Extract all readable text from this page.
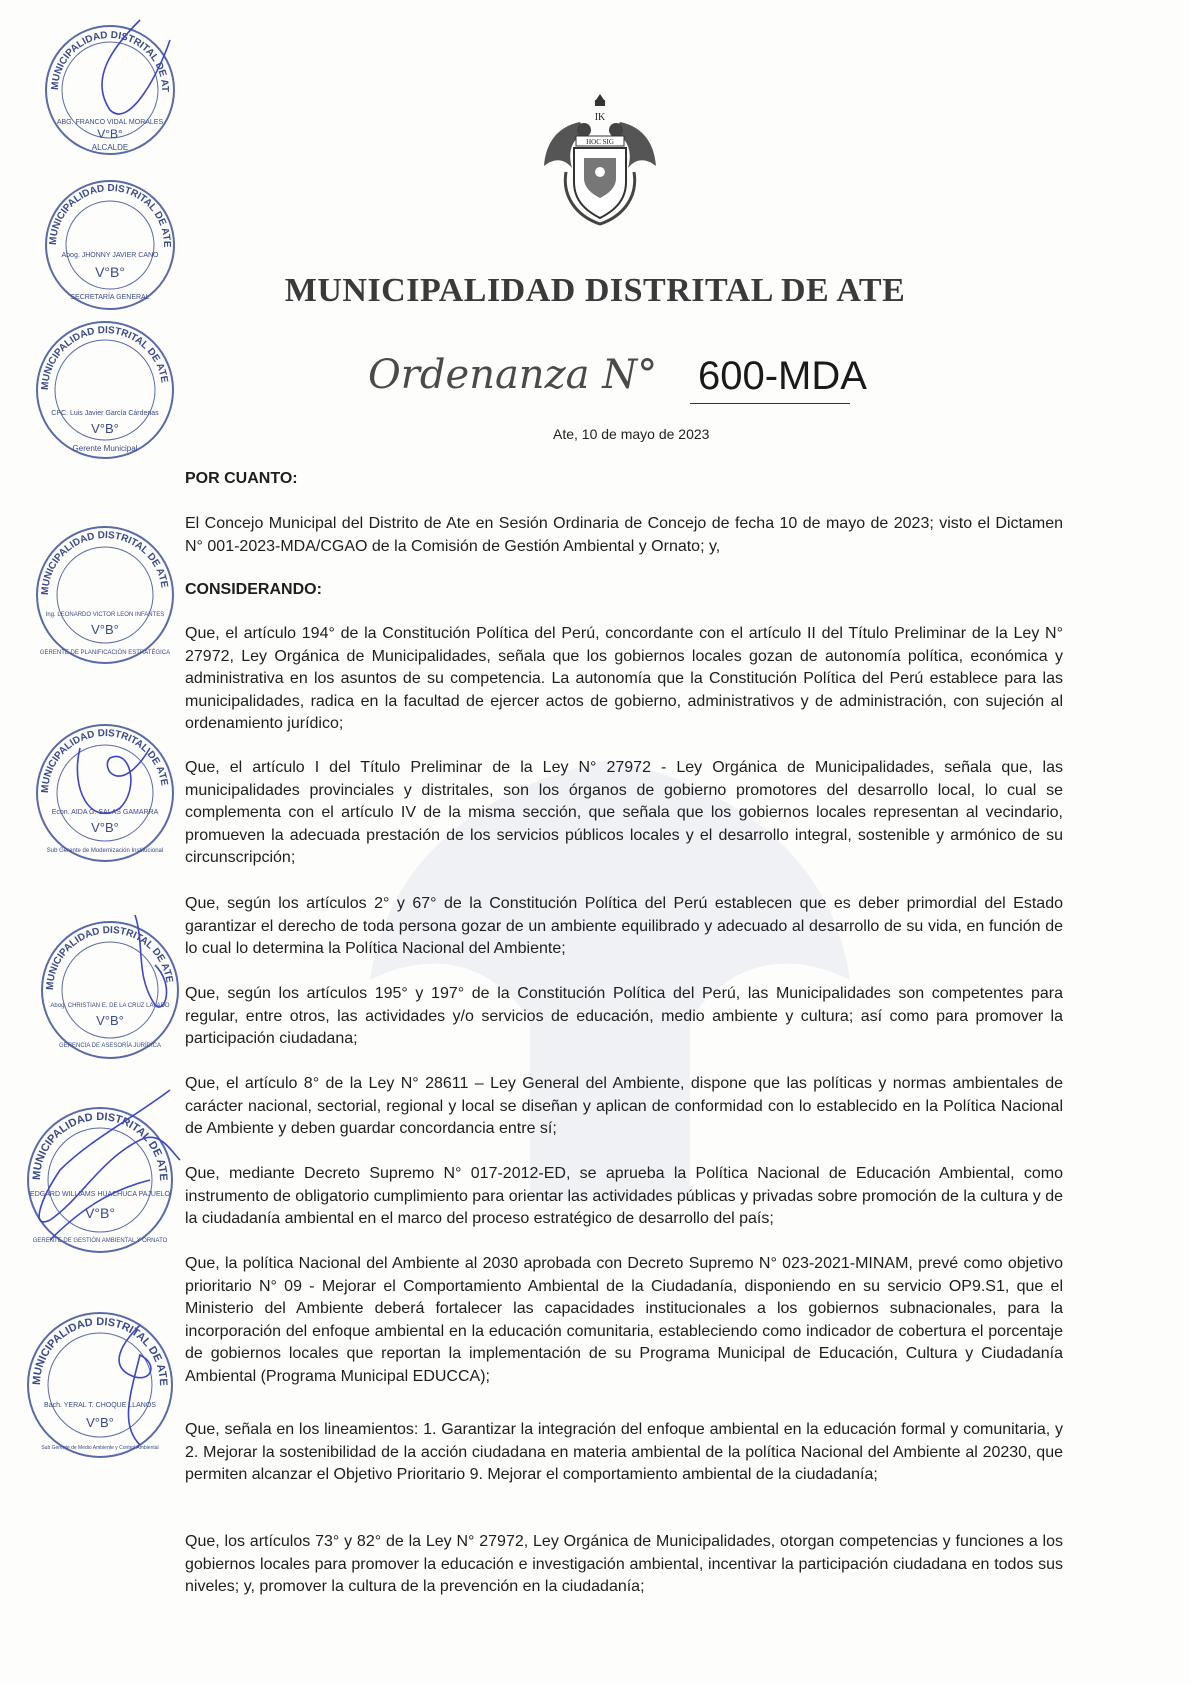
IK
HOC SIG
MUNICIPALIDAD DISTRITAL DE ATE
Ordenanza N° 600-MDA
Ate, 10 de mayo de 2023
POR CUANTO:
El Concejo Municipal del Distrito de Ate en Sesión Ordinaria de Concejo de fecha 10 de mayo de 2023; visto el Dictamen N° 001-2023-MDA/CGAO de la Comisión de Gestión Ambiental y Ornato; y,
CONSIDERANDO:
Que, el artículo 194° de la Constitución Política del Perú, concordante con el artículo II del Título Preliminar de la Ley N° 27972, Ley Orgánica de Municipalidades, señala que los gobiernos locales gozan de autonomía política, económica y administrativa en los asuntos de su competencia. La autonomía que la Constitución Política del Perú establece para las municipalidades, radica en la facultad de ejercer actos de gobierno, administrativos y de administración, con sujeción al ordenamiento jurídico;
Que, el artículo I del Título Preliminar de la Ley N° 27972 - Ley Orgánica de Municipalidades, señala que, las municipalidades provinciales y distritales, son los órganos de gobierno promotores del desarrollo local, lo cual se complementa con el artículo IV de la misma sección, que señala que los gobiernos locales representan al vecindario, promueven la adecuada prestación de los servicios públicos locales y el desarrollo integral, sostenible y armónico de su circunscripción;
Que, según los artículos 2° y 67° de la Constitución Política del Perú establecen que es deber primordial del Estado garantizar el derecho de toda persona gozar de un ambiente equilibrado y adecuado al desarrollo de su vida, en función de lo cual lo determina la Política Nacional del Ambiente;
Que, según los artículos 195° y 197° de la Constitución Política del Perú, las Municipalidades son competentes para regular, entre otros, las actividades y/o servicios de educación, medio ambiente y cultura; así como para promover la participación ciudadana;
Que, el artículo 8° de la Ley N° 28611 – Ley General del Ambiente, dispone que las políticas y normas ambientales de carácter nacional, sectorial, regional y local se diseñan y aplican de conformidad con lo establecido en la Política Nacional de Ambiente y deben guardar concordancia entre sí;
Que, mediante Decreto Supremo N° 017-2012-ED, se aprueba la Política Nacional de Educación Ambiental, como instrumento de obligatorio cumplimiento para orientar las actividades públicas y privadas sobre promoción de la cultura y de la ciudadanía ambiental en el marco del proceso estratégico de desarrollo del país;
Que, la política Nacional del Ambiente al 2030 aprobada con Decreto Supremo N° 023-2021-MINAM, prevé como objetivo prioritario N° 09 - Mejorar el Comportamiento Ambiental de la Ciudadanía, disponiendo en su servicio OP9.S1, que el Ministerio del Ambiente deberá fortalecer las capacidades institucionales a los gobiernos subnacionales, para la incorporación del enfoque ambiental en la educación comunitaria, estableciendo como indicador de cobertura el porcentaje de gobiernos locales que reportan la implementación de su Programa Municipal de Educación, Cultura y Ciudadanía Ambiental (Programa Municipal EDUCCA);
Que, señala en los lineamientos: 1. Garantizar la integración del enfoque ambiental en la educación formal y comunitaria, y 2. Mejorar la sostenibilidad de la acción ciudadana en materia ambiental de la política Nacional del Ambiente al 20230, que permiten alcanzar el Objetivo Prioritario 9. Mejorar el comportamiento ambiental de la ciudadanía;
Que, los artículos 73° y 82° de la Ley N° 27972, Ley Orgánica de Municipalidades, otorgan competencias y funciones a los gobiernos locales para promover la educación e investigación ambiental, incentivar la participación ciudadana en todos sus niveles; y, promover la cultura de la prevención en la ciudadanía;
MUNICIPALIDAD DISTRITAL DE ATE
ABG. FRANCO VIDAL MORALES
V°B°
ALCALDE
MUNICIPALIDAD DISTRITAL DE ATE
Abog. JHONNY JAVIER CANO
V°B°
SECRETARÍA GENERAL
MUNICIPALIDAD DISTRITAL DE ATE
CPC. Luis Javier García Cárdenas
V°B°
Gerente Municipal
MUNICIPALIDAD DISTRITAL DE ATE
Ing. LEONARDO VICTOR LEON INFANTES
V°B°
GERENTE DE PLANIFICACIÓN ESTRATÉGICA
MUNICIPALIDAD DISTRITAL DE ATE
Econ. AIDA G. SALAS GAMARRA
V°B°
Sub Gerente de Modernización Institucional
MUNICIPALIDAD DISTRITAL DE ATE
Abog. CHRISTIAN E. DE LA CRUZ LAVADO
V°B°
GERENCIA DE ASESORÍA JURÍDICA
MUNICIPALIDAD DISTRITAL DE ATE
EDGARD WILLIAMS HUACHUCA PAJUELO
V°B°
GERENTE DE GESTIÓN AMBIENTAL Y ORNATO
MUNICIPALIDAD DISTRITAL DE ATE
Bach. YERAL T. CHOQUE LLANOS
V°B°
Sub Gerente de Medio Ambiente y Control Ambiental
